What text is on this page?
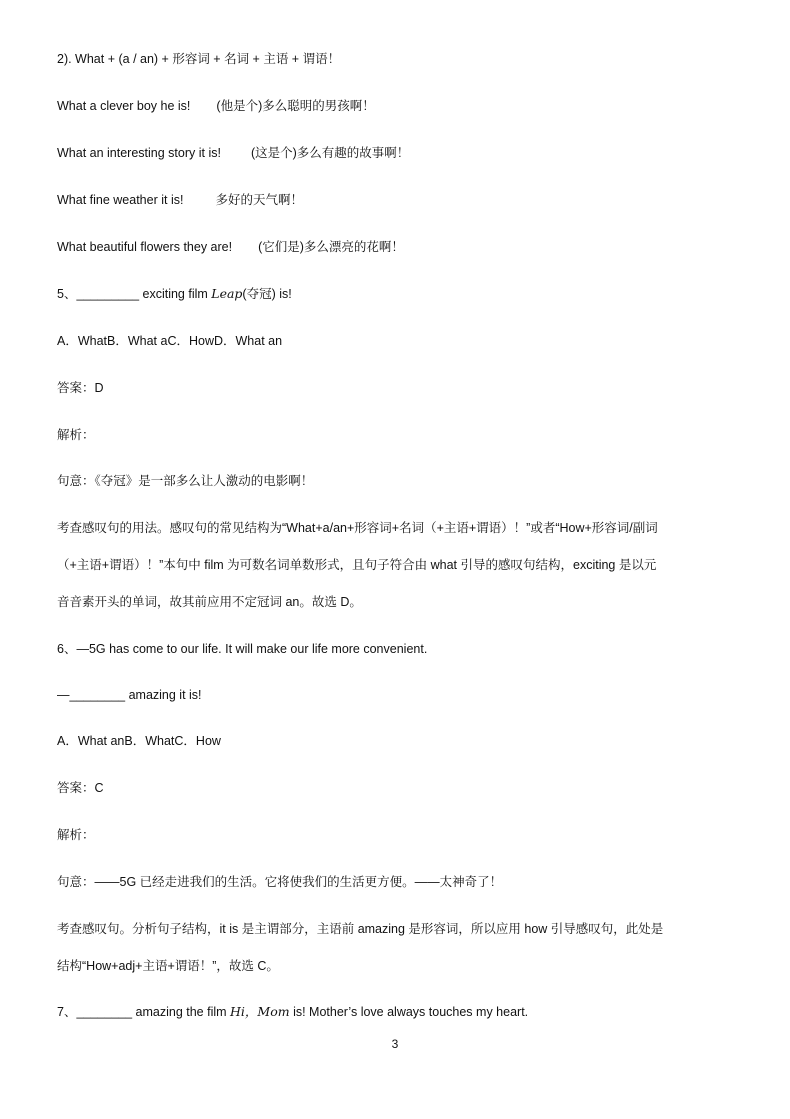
2). What + (a / an) + 形容词 + 名词 + 主语 + 谓语！
What a clever boy he is! (他是个)多么聪明的男孩啊！
What an interesting story it is! (这是个)多么有趣的故事啊！
What fine weather it is!	多好的天气啊！
What beautiful flowers they are! (它们是)多么漂亮的花啊！
5、_________ exciting film Leap(夺冠) is!
A．WhatB．What aC．HowD．What an
答案：D
解析：
句意：《夺冠》是一部多么让人激动的电影啊！
考查感叹句的用法。感叹句的常见结构为“What+a/an+形容词+名词（+主语+谓语）！”或者“How+形容词/副词
（+主语+谓语）！”本句中 film 为可数名词单数形式，且句子符合由 what 引导的感叹句结构，exciting 是以元
音音素开头的单词，故其前应用不定冠词 an。故选 D。
6、—5G has come to our life. It will make our life more convenient.
—________ amazing it is!
A．What anB．WhatC．How
答案：C
解析：
句意：——5G 已经走进我们的生活。它将使我们的生活更方便。——太神奇了！
考查感叹句。分析句子结构，it is 是主谓部分，主语前 amazing 是形容词，所以应用 how 引导感叹句，此处是
结构“How+adj+主语+谓语！”，故选 C。
7、________ amazing the film Hi，Mom is! Mother’s love always touches my heart.
3
